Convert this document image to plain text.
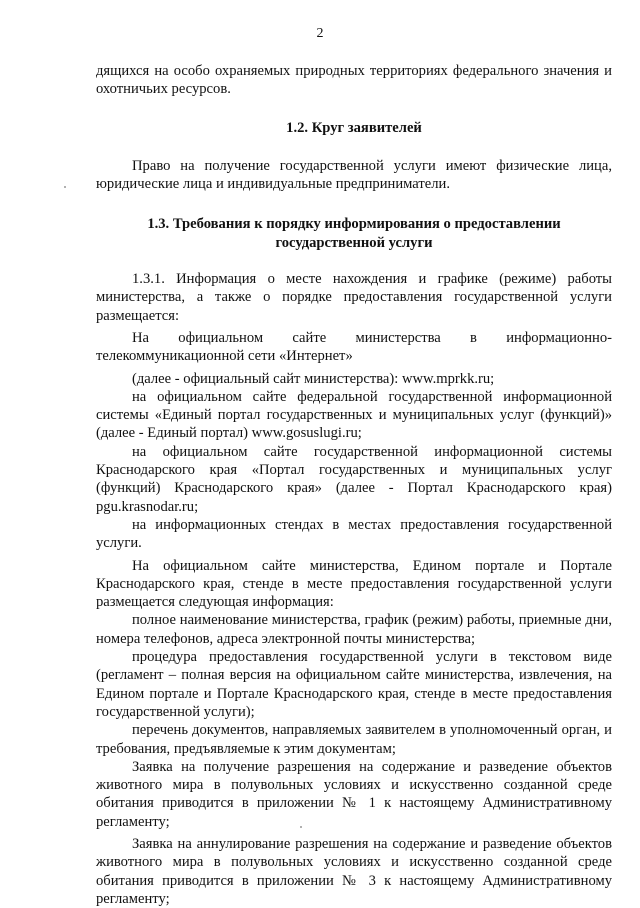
2

дящихся на особо охраняемых природных территориях федерального значения и охотничьих ресурсов.

1.2. Круг заявителей

Право на получение государственной услуги имеют физические лица, юридические лица и индивидуальные предприниматели.

1.3. Требования к порядку информирования о предоставлении государственной услуги

1.3.1. Информация о месте нахождения и графике (режиме) работы министерства, а также о порядке предоставления государственной услуги размещается:

На официальном сайте министерства в информационно-телекоммуникационной сети «Интернет»

(далее - официальный сайт министерства): www.mprkk.ru;

на официальном сайте федеральной государственной информационной системы «Единый портал государственных и муниципальных услуг (функций)» (далее - Единый портал) www.gosuslugi.ru;

на официальном сайте государственной информационной системы Краснодарского края «Портал государственных и муниципальных услуг (функций) Краснодарского края» (далее - Портал Краснодарского края) pgu.krasnodar.ru;

на информационных стендах в местах предоставления государственной услуги.

На официальном сайте министерства, Едином портале и Портале Краснодарского края, стенде в месте предоставления государственной услуги размещается следующая информация:

полное наименование министерства, график (режим) работы, приемные дни, номера телефонов, адреса электронной почты министерства;

процедура предоставления государственной услуги в текстовом виде (регламент – полная версия на официальном сайте министерства, извлечения, на Едином портале и Портале Краснодарского края, стенде в месте предоставления государственной услуги);

перечень документов, направляемых заявителем в уполномоченный орган, и требования, предъявляемые к этим документам;

Заявка на получение разрешения на содержание и разведение объектов животного мира в полувольных условиях и искусственно созданной среде обитания приводится в приложении № 1 к настоящему Административному регламенту;

Заявка на аннулирование разрешения на содержание и разведение объектов животного мира в полувольных условиях и искусственно созданной среде обитания приводится в приложении № 3 к настоящему Административному регламенту;
